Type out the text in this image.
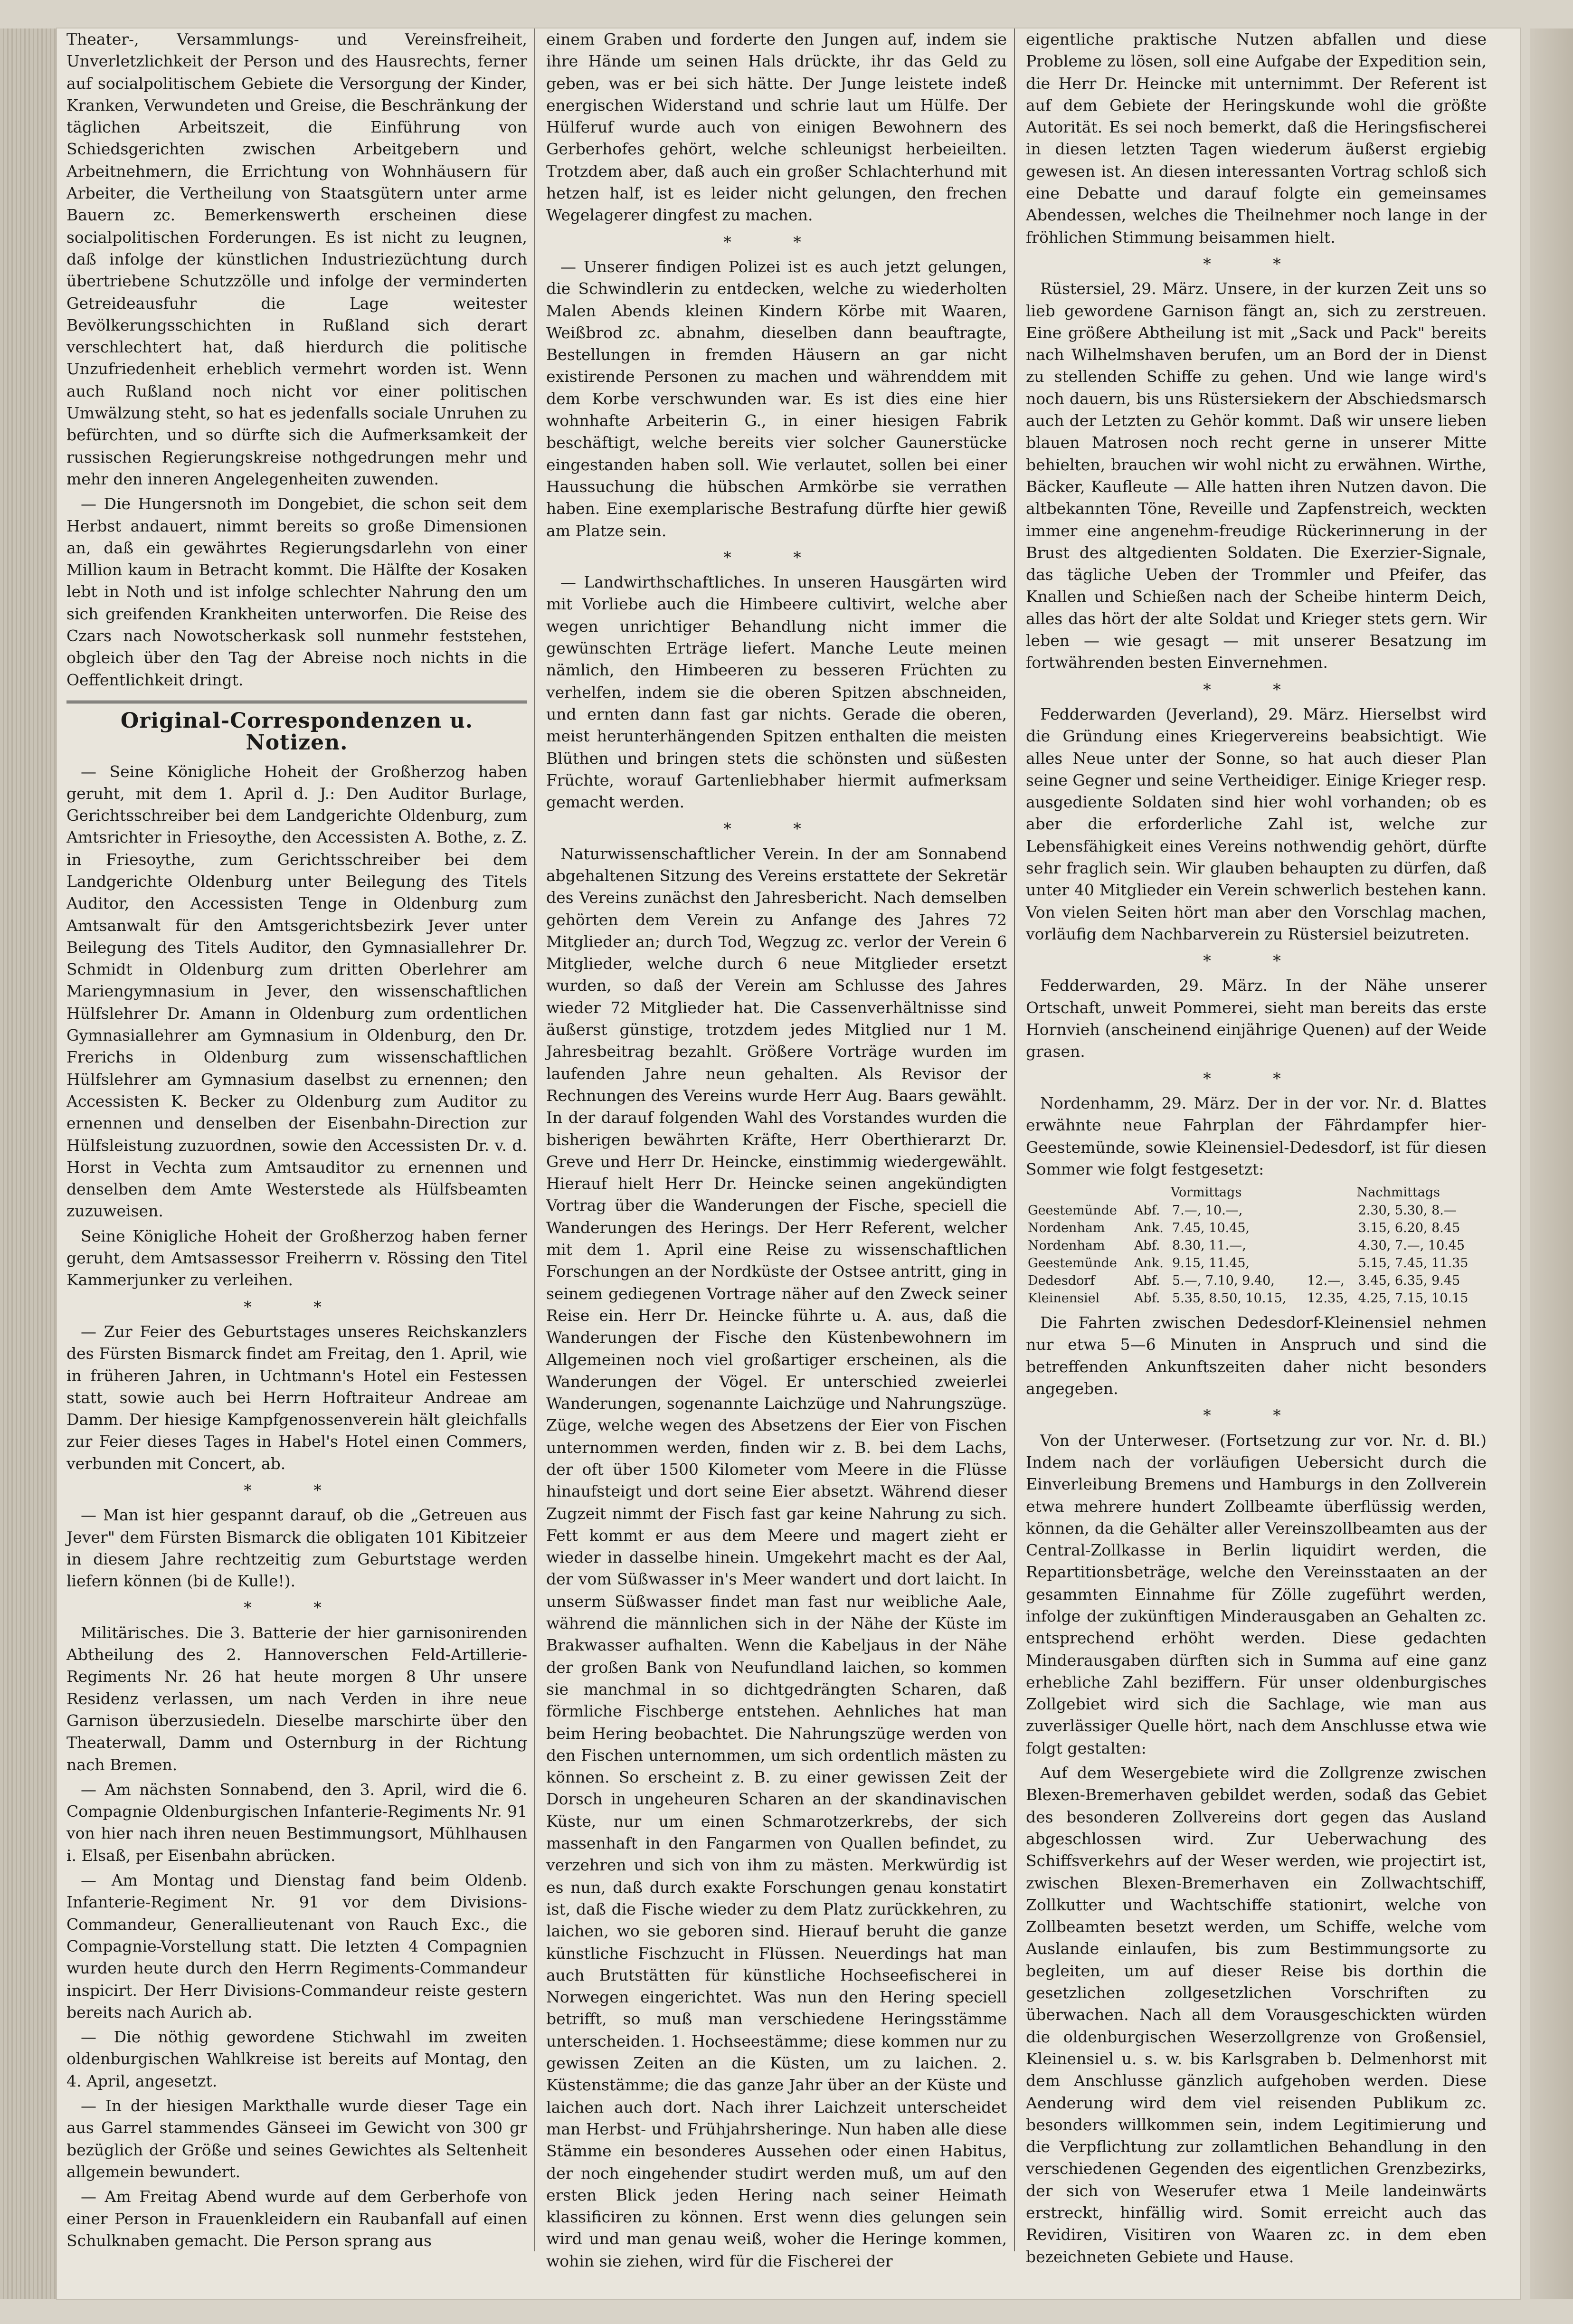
Theater-, Versammlungs- und Vereinsfreiheit, Unverletzlichkeit der Person und des Hausrechts, ferner auf socialpolitischem Gebiete die Versorgung der Kinder, Kranken, Verwundeten und Greise, die Beschränkung der täglichen Arbeitszeit, die Einführung von Schiedsgerichten zwischen Arbeitgebern und Arbeitnehmern, die Errichtung von Wohnhäusern für Arbeiter, die Vertheilung von Staatsgütern unter arme Bauern zc. Bemerkenswerth erscheinen diese socialpolitischen Forderungen. Es ist nicht zu leugnen, daß infolge der künstlichen Industriezüchtung durch übertriebene Schutzzölle und infolge der verminderten Getreideausfuhr die Lage weitester Bevölkerungsschichten in Rußland sich derart verschlechtert hat, daß hierdurch die politische Unzufriedenheit erheblich vermehrt worden ist. Wenn auch Rußland noch nicht vor einer politischen Umwälzung steht, so hat es jedenfalls sociale Unruhen zu befürchten, und so dürfte sich die Aufmerksamkeit der russischen Regierungskreise nothgedrungen mehr und mehr den inneren Angelegenheiten zuwenden.

— Die Hungersnoth im Dongebiet, die schon seit dem Herbst andauert, nimmt bereits so große Dimensionen an, daß ein gewährtes Regierungsdarlehn von einer Million kaum in Betracht kommt. Die Hälfte der Kosaken lebt in Noth und ist infolge schlechter Nahrung den um sich greifenden Krankheiten unterworfen. Die Reise des Czars nach Nowotscherkask soll nunmehr feststehen, obgleich über den Tag der Abreise noch nichts in die Oeffentlichkeit dringt.

Original-Correspondenzen u. Notizen.

— Seine Königliche Hoheit der Großherzog haben geruht, mit dem 1. April d. J.: Den Auditor Burlage, Gerichtsschreiber bei dem Landgerichte Oldenburg, zum Amtsrichter in Friesoythe, den Accessisten A. Bothe, z. Z. in Friesoythe, zum Gerichtsschreiber bei dem Landgerichte Oldenburg unter Beilegung des Titels Auditor, den Accessisten Tenge in Oldenburg zum Amtsanwalt für den Amtsgerichtsbezirk Jever unter Beilegung des Titels Auditor, den Gymnasiallehrer Dr. Schmidt in Oldenburg zum dritten Oberlehrer am Mariengymnasium in Jever, den wissenschaftlichen Hülfslehrer Dr. Amann in Oldenburg zum ordentlichen Gymnasiallehrer am Gymnasium in Oldenburg, den Dr. Frerichs in Oldenburg zum wissenschaftlichen Hülfslehrer am Gymnasium daselbst zu ernennen; den Accessisten K. Becker zu Oldenburg zum Auditor zu ernennen und denselben der Eisenbahn-Direction zur Hülfsleistung zuzuordnen, sowie den Accessisten Dr. v. d. Horst in Vechta zum Amtsauditor zu ernennen und denselben dem Amte Westerstede als Hülfsbeamten zuzuweisen.

Seine Königliche Hoheit der Großherzog haben ferner geruht, dem Amtsassessor Freiherrn v. Rössing den Titel Kammerjunker zu verleihen.

* *

— Zur Feier des Geburtstages unseres Reichskanzlers des Fürsten Bismarck findet am Freitag, den 1. April, wie in früheren Jahren, in Uchtmann's Hotel ein Festessen statt, sowie auch bei Herrn Hoftraiteur Andreae am Damm. Der hiesige Kampfgenossenverein hält gleichfalls zur Feier dieses Tages in Habel's Hotel einen Commers, verbunden mit Concert, ab.

* *

— Man ist hier gespannt darauf, ob die „Getreuen aus Jever" dem Fürsten Bismarck die obligaten 101 Kibitzeier in diesem Jahre rechtzeitig zum Geburtstage werden liefern können (bi de Kulle!).

* *

Militärisches. Die 3. Batterie der hier garnisonirenden Abtheilung des 2. Hannoverschen Feld-Artillerie-Regiments Nr. 26 hat heute morgen 8 Uhr unsere Residenz verlassen, um nach Verden in ihre neue Garnison überzusiedeln. Dieselbe marschirte über den Theaterwall, Damm und Osternburg in der Richtung nach Bremen.

— Am nächsten Sonnabend, den 3. April, wird die 6. Compagnie Oldenburgischen Infanterie-Regiments Nr. 91 von hier nach ihren neuen Bestimmungsort, Mühlhausen i. Elsaß, per Eisenbahn abrücken.

— Am Montag und Dienstag fand beim Oldenb. Infanterie-Regiment Nr. 91 vor dem Divisions-Commandeur, Generallieutenant von Rauch Exc., die Compagnie-Vorstellung statt. Die letzten 4 Compagnien wurden heute durch den Herrn Regiments-Commandeur inspicirt. Der Herr Divisions-Commandeur reiste gestern bereits nach Aurich ab.

— Die nöthig gewordene Stichwahl im zweiten oldenburgischen Wahlkreise ist bereits auf Montag, den 4. April, angesetzt.

— In der hiesigen Markthalle wurde dieser Tage ein aus Garrel stammendes Gänseei im Gewicht von 300 gr bezüglich der Größe und seines Gewichtes als Seltenheit allgemein bewundert.

— Am Freitag Abend wurde auf dem Gerberhofe von einer Person in Frauenkleidern ein Raubanfall auf einen Schulknaben gemacht. Die Person sprang aus

einem Graben und forderte den Jungen auf, indem sie ihre Hände um seinen Hals drückte, ihr das Geld zu geben, was er bei sich hätte. Der Junge leistete indeß energischen Widerstand und schrie laut um Hülfe. Der Hülferuf wurde auch von einigen Bewohnern des Gerberhofes gehört, welche schleunigst herbeieilten. Trotzdem aber, daß auch ein großer Schlachterhund mit hetzen half, ist es leider nicht gelungen, den frechen Wegelagerer dingfest zu machen.

* *

— Unserer findigen Polizei ist es auch jetzt gelungen, die Schwindlerin zu entdecken, welche zu wiederholten Malen Abends kleinen Kindern Körbe mit Waaren, Weißbrod zc. abnahm, dieselben dann beauftragte, Bestellungen in fremden Häusern an gar nicht existirende Personen zu machen und währenddem mit dem Korbe verschwunden war. Es ist dies eine hier wohnhafte Arbeiterin G., in einer hiesigen Fabrik beschäftigt, welche bereits vier solcher Gaunerstücke eingestanden haben soll. Wie verlautet, sollen bei einer Haussuchung die hübschen Armkörbe sie verrathen haben. Eine exemplarische Bestrafung dürfte hier gewiß am Platze sein.

* *

— Landwirthschaftliches. In unseren Hausgärten wird mit Vorliebe auch die Himbeere cultivirt, welche aber wegen unrichtiger Behandlung nicht immer die gewünschten Erträge liefert. Manche Leute meinen nämlich, den Himbeeren zu besseren Früchten zu verhelfen, indem sie die oberen Spitzen abschneiden, und ernten dann fast gar nichts. Gerade die oberen, meist herunterhängenden Spitzen enthalten die meisten Blüthen und bringen stets die schönsten und süßesten Früchte, worauf Gartenliebhaber hiermit aufmerksam gemacht werden.

* *

Naturwissenschaftlicher Verein. In der am Sonnabend abgehaltenen Sitzung des Vereins erstattete der Sekretär des Vereins zunächst den Jahresbericht. Nach demselben gehörten dem Verein zu Anfange des Jahres 72 Mitglieder an; durch Tod, Wegzug zc. verlor der Verein 6 Mitglieder, welche durch 6 neue Mitglieder ersetzt wurden, so daß der Verein am Schlusse des Jahres wieder 72 Mitglieder hat. Die Cassenverhältnisse sind äußerst günstige, trotzdem jedes Mitglied nur 1 M. Jahresbeitrag bezahlt. Größere Vorträge wurden im laufenden Jahre neun gehalten. Als Revisor der Rechnungen des Vereins wurde Herr Aug. Baars gewählt. In der darauf folgenden Wahl des Vorstandes wurden die bisherigen bewährten Kräfte, Herr Oberthierarzt Dr. Greve und Herr Dr. Heincke, einstimmig wiedergewählt. Hierauf hielt Herr Dr. Heincke seinen angekündigten Vortrag über die Wanderungen der Fische, speciell die Wanderungen des Herings. Der Herr Referent, welcher mit dem 1. April eine Reise zu wissenschaftlichen Forschungen an der Nordküste der Ostsee antritt, ging in seinem gediegenen Vortrage näher auf den Zweck seiner Reise ein. Herr Dr. Heincke führte u. A. aus, daß die Wanderungen der Fische den Küstenbewohnern im Allgemeinen noch viel großartiger erscheinen, als die Wanderungen der Vögel. Er unterschied zweierlei Wanderungen, sogenannte Laichzüge und Nahrungszüge. Züge, welche wegen des Absetzens der Eier von Fischen unternommen werden, finden wir z. B. bei dem Lachs, der oft über 1500 Kilometer vom Meere in die Flüsse hinaufsteigt und dort seine Eier absetzt. Während dieser Zugzeit nimmt der Fisch fast gar keine Nahrung zu sich. Fett kommt er aus dem Meere und magert zieht er wieder in dasselbe hinein. Umgekehrt macht es der Aal, der vom Süßwasser in's Meer wandert und dort laicht. In unserm Süßwasser findet man fast nur weibliche Aale, während die männlichen sich in der Nähe der Küste im Brakwasser aufhalten. Wenn die Kabeljaus in der Nähe der großen Bank von Neufundland laichen, so kommen sie manchmal in so dichtgedrängten Scharen, daß förmliche Fischberge entstehen. Aehnliches hat man beim Hering beobachtet. Die Nahrungszüge werden von den Fischen unternommen, um sich ordentlich mästen zu können. So erscheint z. B. zu einer gewissen Zeit der Dorsch in ungeheuren Scharen an der skandinavischen Küste, nur um einen Schmarotzerkrebs, der sich massenhaft in den Fangarmen von Quallen befindet, zu verzehren und sich von ihm zu mästen. Merkwürdig ist es nun, daß durch exakte Forschungen genau konstatirt ist, daß die Fische wieder zu dem Platz zurückkehren, zu laichen, wo sie geboren sind. Hierauf beruht die ganze künstliche Fischzucht in Flüssen. Neuerdings hat man auch Brutstätten für künstliche Hochseefischerei in Norwegen eingerichtet. Was nun den Hering speciell betrifft, so muß man verschiedene Heringsstämme unterscheiden. 1. Hochseestämme; diese kommen nur zu gewissen Zeiten an die Küsten, um zu laichen. 2. Küstenstämme; die das ganze Jahr über an der Küste und laichen auch dort. Nach ihrer Laichzeit unterscheidet man Herbst- und Frühjahrsheringe. Nun haben alle diese Stämme ein besonderes Aussehen oder einen Habitus, der noch eingehender studirt werden muß, um auf den ersten Blick jeden Hering nach seiner Heimath klassificiren zu können. Erst wenn dies gelungen sein wird und man genau weiß, woher die Heringe kommen, wohin sie ziehen, wird für die Fischerei der

eigentliche praktische Nutzen abfallen und diese Probleme zu lösen, soll eine Aufgabe der Expedition sein, die Herr Dr. Heincke mit unternimmt. Der Referent ist auf dem Gebiete der Heringskunde wohl die größte Autorität. Es sei noch bemerkt, daß die Heringsfischerei in diesen letzten Tagen wiederum äußerst ergiebig gewesen ist. An diesen interessanten Vortrag schloß sich eine Debatte und darauf folgte ein gemeinsames Abendessen, welches die Theilnehmer noch lange in der fröhlichen Stimmung beisammen hielt.

* *

Rüstersiel, 29. März. Unsere, in der kurzen Zeit uns so lieb gewordene Garnison fängt an, sich zu zerstreuen. Eine größere Abtheilung ist mit „Sack und Pack" bereits nach Wilhelmshaven berufen, um an Bord der in Dienst zu stellenden Schiffe zu gehen. Und wie lange wird's noch dauern, bis uns Rüstersiekern der Abschiedsmarsch auch der Letzten zu Gehör kommt. Daß wir unsere lieben blauen Matrosen noch recht gerne in unserer Mitte behielten, brauchen wir wohl nicht zu erwähnen. Wirthe, Bäcker, Kaufleute — Alle hatten ihren Nutzen davon. Die altbekannten Töne, Reveille und Zapfenstreich, weckten immer eine angenehm-freudige Rückerinnerung in der Brust des altgedienten Soldaten. Die Exerzier-Signale, das tägliche Ueben der Trommler und Pfeifer, das Knallen und Schießen nach der Scheibe hinterm Deich, alles das hört der alte Soldat und Krieger stets gern. Wir leben — wie gesagt — mit unserer Besatzung im fortwährenden besten Einvernehmen.

* *

Fedderwarden (Jeverland), 29. März. Hierselbst wird die Gründung eines Kriegervereins beabsichtigt. Wie alles Neue unter der Sonne, so hat auch dieser Plan seine Gegner und seine Vertheidiger. Einige Krieger resp. ausgediente Soldaten sind hier wohl vorhanden; ob es aber die erforderliche Zahl ist, welche zur Lebensfähigkeit eines Vereins nothwendig gehört, dürfte sehr fraglich sein. Wir glauben behaupten zu dürfen, daß unter 40 Mitglieder ein Verein schwerlich bestehen kann. Von vielen Seiten hört man aber den Vorschlag machen, vorläufig dem Nachbarverein zu Rüstersiel beizutreten.

* *

Fedderwarden, 29. März. In der Nähe unserer Ortschaft, unweit Pommerei, sieht man bereits das erste Hornvieh (anscheinend einjährige Quenen) auf der Weide grasen.

* *

Nordenhamm, 29. März. Der in der vor. Nr. d. Blattes erwähnte neue Fahrplan der Fährdampfer hier-Geestemünde, sowie Kleinensiel-Dedesdorf, ist für diesen Sommer wie folgt festgesetzt:

		Vormittags		Nachmittags
Geestemünde	Abf.	7.—, 10.—,		2.30, 5.30, 8.—
Nordenham	Ank.	7.45, 10.45,		3.15, 6.20, 8.45
Nordenham	Abf.	8.30, 11.—,		4.30, 7.—, 10.45
Geestemünde	Ank.	9.15, 11.45,		5.15, 7.45, 11.35
Dedesdorf	Abf.	5.—, 7.10, 9.40,	12.—,	3.45, 6.35, 9.45
Kleinensiel	Abf.	5.35, 8.50, 10.15,	12.35,	4.25, 7.15, 10.15

Die Fahrten zwischen Dedesdorf-Kleinensiel nehmen nur etwa 5—6 Minuten in Anspruch und sind die betreffenden Ankunftszeiten daher nicht besonders angegeben.

* *

Von der Unterweser. (Fortsetzung zur vor. Nr. d. Bl.) Indem nach der vorläufigen Uebersicht durch die Einverleibung Bremens und Hamburgs in den Zollverein etwa mehrere hundert Zollbeamte überflüssig werden, können, da die Gehälter aller Vereinszollbeamten aus der Central-Zollkasse in Berlin liquidirt werden, die Repartitionsbeträge, welche den Vereinsstaaten an der gesammten Einnahme für Zölle zugeführt werden, infolge der zukünftigen Minderausgaben an Gehalten zc. entsprechend erhöht werden. Diese gedachten Minderausgaben dürften sich in Summa auf eine ganz erhebliche Zahl beziffern. Für unser oldenburgisches Zollgebiet wird sich die Sachlage, wie man aus zuverlässiger Quelle hört, nach dem Anschlusse etwa wie folgt gestalten:

Auf dem Wesergebiete wird die Zollgrenze zwischen Blexen-Bremerhaven gebildet werden, sodaß das Gebiet des besonderen Zollvereins dort gegen das Ausland abgeschlossen wird. Zur Ueberwachung des Schiffsverkehrs auf der Weser werden, wie projectirt ist, zwischen Blexen-Bremerhaven ein Zollwachtschiff, Zollkutter und Wachtschiffe stationirt, welche von Zollbeamten besetzt werden, um Schiffe, welche vom Auslande einlaufen, bis zum Bestimmungsorte zu begleiten, um auf dieser Reise bis dorthin die gesetzlichen zollgesetzlichen Vorschriften zu überwachen. Nach all dem Vorausgeschickten würden die oldenburgischen Weserzollgrenze von Großensiel, Kleinensiel u. s. w. bis Karlsgraben b. Delmenhorst mit dem Anschlusse gänzlich aufgehoben werden. Diese Aenderung wird dem viel reisenden Publikum zc. besonders willkommen sein, indem Legitimierung und die Verpflichtung zur zollamtlichen Behandlung in den verschiedenen Gegenden des eigentlichen Grenzbezirks, der sich von Weserufer etwa 1 Meile landeinwärts erstreckt, hinfällig wird. Somit erreicht auch das Revidiren, Visitiren von Waaren zc. in dem eben bezeichneten Gebiete und Hause.
